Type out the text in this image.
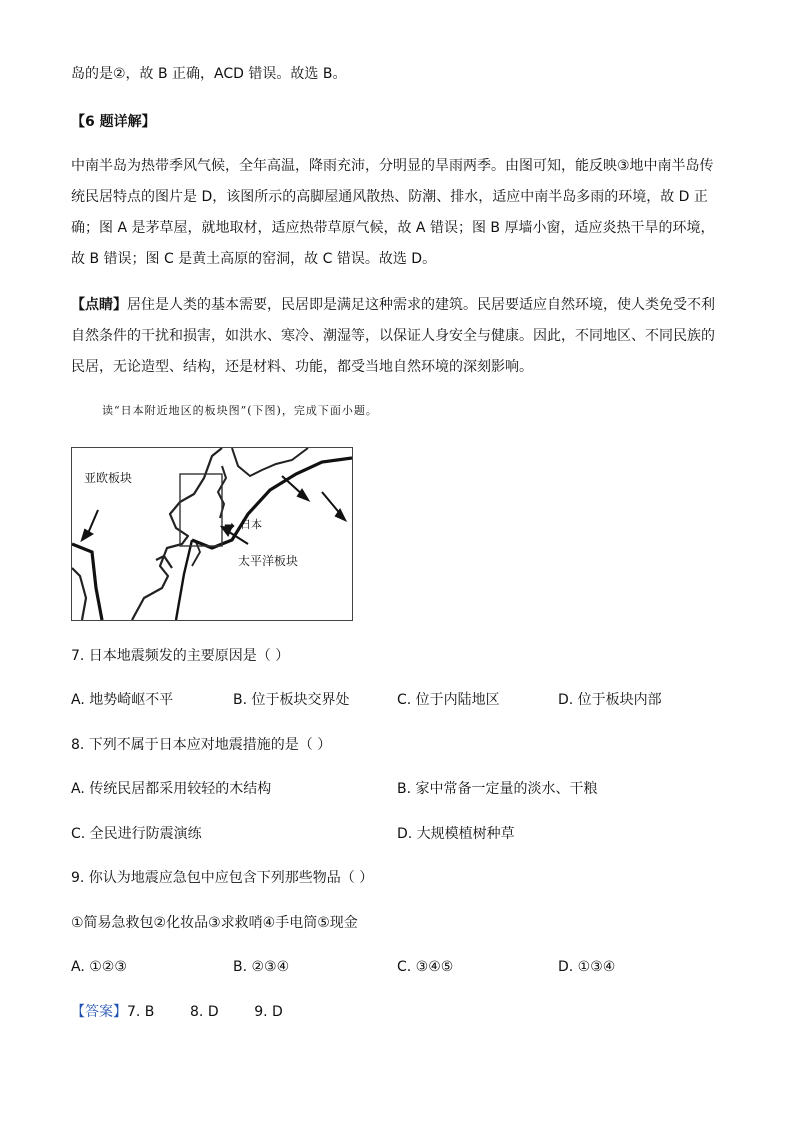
岛的是②，故 B 正确，ACD 错误。故选 B。
【6 题详解】
中南半岛为热带季风气候，全年高温，降雨充沛，分明显的旱雨两季。由图可知，能反映③地中南半岛传
统民居特点的图片是 D，该图所示的高脚屋通风散热、防潮、排水，适应中南半岛多雨的环境，故 D 正
确；图 A 是茅草屋，就地取材，适应热带草原气候，故 A 错误；图 B 厚墙小窗，适应炎热干旱的环境，
故 B 错误；图 C 是黄土高原的窑洞，故 C 错误。故选 D。
【点睛】居住是人类的基本需要，民居即是满足这种需求的建筑。民居要适应自然环境，使人类免受不利
自然条件的干扰和损害，如洪水、寒冷、潮湿等，以保证人身安全与健康。因此，不同地区、不同民族的
民居，无论造型、结构，还是材料、功能，都受当地自然环境的深刻影响。
读“日本附近地区的板块图”(下图)，完成下面小题。
亚欧板块
➡ 日本
太平洋板块
7. 日本地震频发的主要原因是（ ）
A. 地势崎岖不平	B. 位于板块交界处	C. 位于内陆地区	D. 位于板块内部
8. 下列不属于日本应对地震措施的是（ ）
A. 传统民居都采用较轻的木结构	B. 家中常备一定量的淡水、干粮
C. 全民进行防震演练	D. 大规模植树种草
9. 你认为地震应急包中应包含下列那些物品（ ）
①简易急救包②化妆品③求救哨④手电筒⑤现金
A. ①②③	B. ②③④	C. ③④⑤	D. ①③④
【答案】7. B        8. D        9. D
